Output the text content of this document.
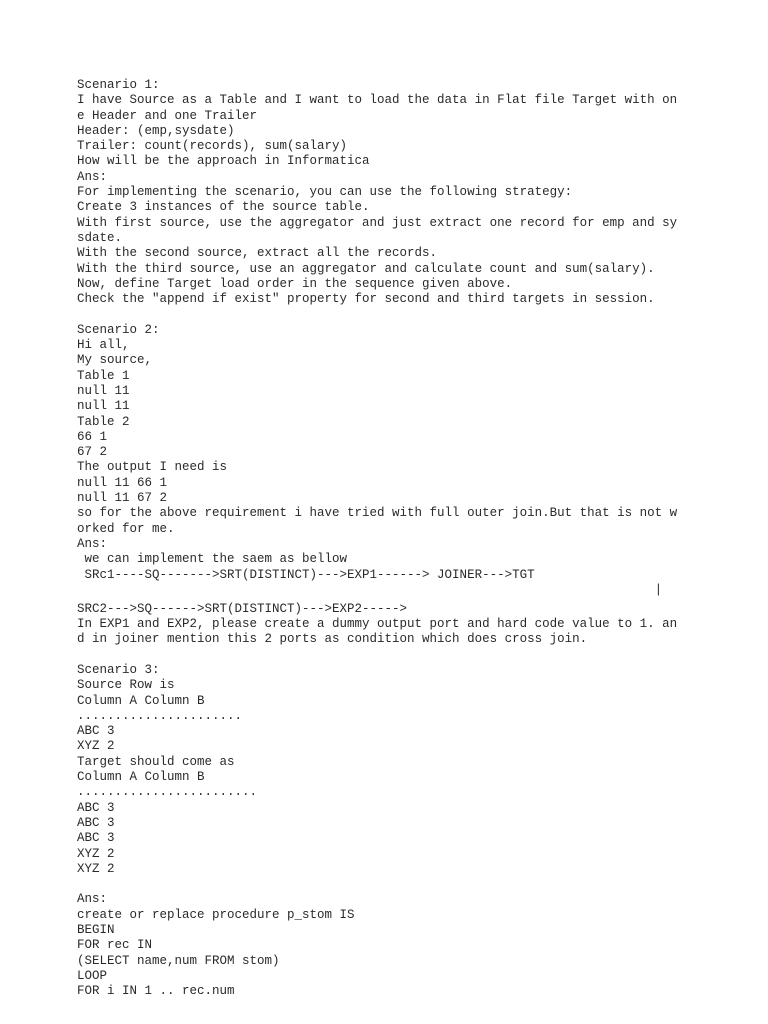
Scenario 1:
I have Source as a Table and I want to load the data in Flat file Target with on
e Header and one Trailer
Header: (emp,sysdate)
Trailer: count(records), sum(salary)
How will be the approach in Informatica
Ans:
For implementing the scenario, you can use the following strategy:
Create 3 instances of the source table.
With first source, use the aggregator and just extract one record for emp and sy
sdate.
With the second source, extract all the records.
With the third source, use an aggregator and calculate count and sum(salary).
Now, define Target load order in the sequence given above.
Check the "append if exist" property for second and third targets in session.
Scenario 2:
Hi all,
My source,
Table 1
null 11
null 11
Table 2
66 1
67 2
The output I need is
null 11 66 1
null 11 67 2
so for the above requirement i have tried with full outer join.But that is not w
orked for me.
Ans:
we can implement the saem as bellow
SRc1----SQ------->SRT(DISTINCT)--->EXP1------> JOINER--->TGT
|
SRC2--->SQ------>SRT(DISTINCT)--->EXP2----->
In EXP1 and EXP2, please create a dummy output port and hard code value to 1. an
d in joiner mention this 2 ports as condition which does cross join.
Scenario 3:
Source Row is
Column A Column B
......................
ABC 3
XYZ 2
Target should come as
Column A Column B
........................
ABC 3
ABC 3
ABC 3
XYZ 2
XYZ 2
Ans:
create or replace procedure p_stom IS
BEGIN
FOR rec IN
(SELECT name,num FROM stom)
LOOP
FOR i IN 1 .. rec.num
